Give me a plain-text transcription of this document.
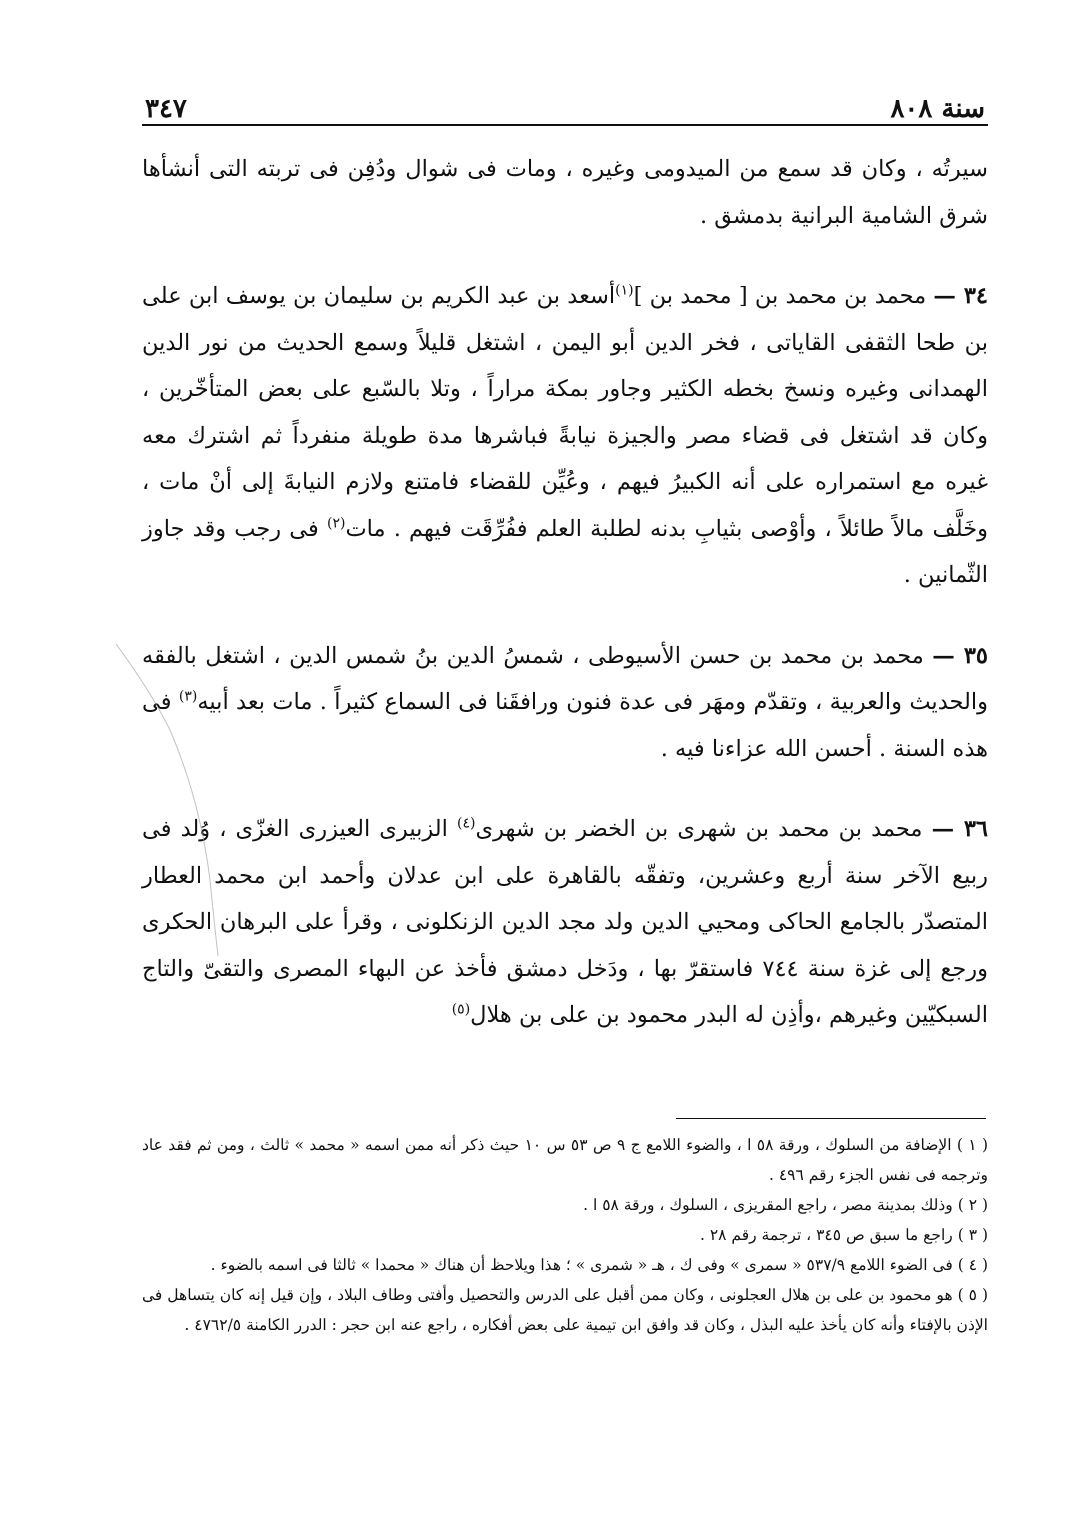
سنة ٨٠٨
٣٤٧

سيرتُه ، وكان قد سمع من الميدومى وغيره ، ومات فى شوال ودُفِن فى تربته التى أنشأها شرق الشامية البرانية بدمشق .

٣٤ — محمد بن محمد بن [ محمد بن ]$^{(١)}$أسعد بن عبد الكريم بن سليمان بن يوسف ابن على بن طحا الثقفى القاياتى ، فخر الدين أبو اليمن ، اشتغل قليلاً وسمع الحديث من نور الدين الهمدانى وغيره ونسخ بخطه الكثير وجاور بمكة مراراً ، وتلا بالسّبع على بعض المتأخّرين ، وكان قد اشتغل فى قضاء مصر والجيزة نيابةً فباشرها مدة طويلة منفرداً ثم اشترك معه غيره مع استمراره على أنه الكبيرُ فيهم ، وعُيِّن للقضاء فامتنع ولازم النيابةَ إلى أنْ مات ، وخَلَّف مالاً طائلاً ، وأوْصى بثيابِ بدنه لطلبة العلم ففُرِّقَت فيهم . مات$^{(٢)}$ فى رجب وقد جاوز الثّمانين .

٣٥ — محمد بن محمد بن حسن الأسيوطى ، شمسُ الدين بنُ شمس الدين ، اشتغل بالفقه والحديث والعربية ، وتقدّم ومهَر فى عدة فنون ورافقَنا فى السماع كثيراً . مات بعد أبيه$^{(٣)}$ فى هذه السنة . أحسن الله عزاءنا فيه .

٣٦ — محمد بن محمد بن شهرى بن الخضر بن شهرى$^{(٤)}$ الزبيرى العيزرى الغزّى ، وُلد فى ربيع الآخر سنة أربع وعشرين، وتفقّه بالقاهرة على ابن عدلان وأحمد ابن محمد العطار المتصدّر بالجامع الحاكى ومحيي الدين ولد مجد الدين الزنكلونى ، وقرأ على البرهان الحكرى ورجع إلى غزة سنة ٧٤٤ فاستقرّ بها ، ودَخل دمشق فأخذ عن البهاء المصرى والتقىّ والتاج السبكيّين وغيرهم ،وأذِن له البدر محمود بن على بن هلال$^{(٥)}$

( ١ ) الإضافة من السلوك ، ورقة ٥٨ ا ، والضوء اللامع ج ٩ ص ٥٣ س ١٠ حيث ذكر أنه ممن اسمه « محمد » ثالث ، ومن ثم فقد عاد وترجمه فى نفس الجزء رقم ٤٩٦ .

( ٢ ) وذلك بمدينة مصر ، راجع المقريزى ، السلوك ، ورقة ٥٨ ا .

( ٣ ) راجع ما سبق ص ٣٤٥ ، ترجمة رقم ٢٨ .

( ٤ ) فى الضوء اللامع ٥٣٧/٩ « سمرى » وفى ك ، هـ « شمرى » ؛ هذا ويلاحظ أن هناك « محمدا » ثالثا فى اسمه بالضوء .

( ٥ ) هو محمود بن على بن هلال العجلونى ، وكان ممن أقبل على الدرس والتحصيل وأفتى وطاف البلاد ، وإن قيل إنه كان يتساهل فى الإذن بالإفتاء وأنه كان يأخذ عليه البذل ، وكان قد وافق ابن تيمية على بعض أفكاره ، راجع عنه ابن حجر : الدرر الكامنة ٤٧٦٢/٥ .
